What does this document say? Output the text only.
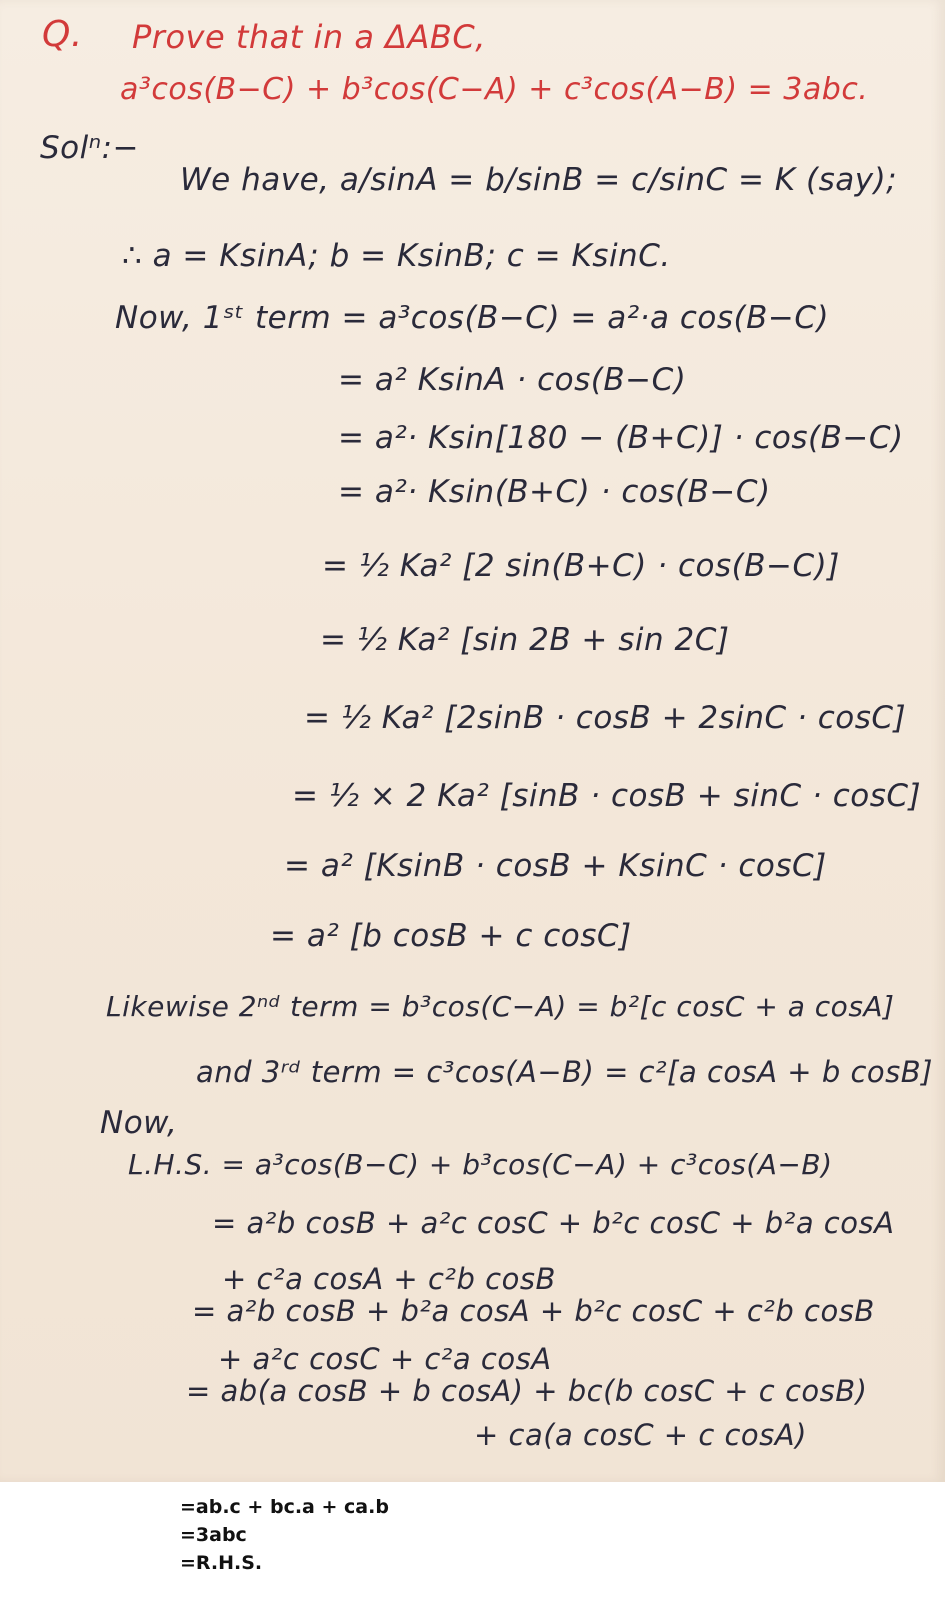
Q. Prove that in a ΔABC,
a³cos(B−C) + b³cos(C−A) + c³cos(A−B) = 3abc.
Solⁿ:−
We have, a/sinA = b/sinB = c/sinC = K (say);
∴ a = KsinA; b = KsinB; c = KsinC.
Now, 1ˢᵗ term = a³cos(B−C) = a²·a cos(B−C)
= a² KsinA · cos(B−C)
= a²· Ksin[180 − (B+C)] · cos(B−C)
= a²· Ksin(B+C) · cos(B−C)
= ½ Ka² [2 sin(B+C) · cos(B−C)]
= ½ Ka² [sin 2B + sin 2C]
= ½ Ka² [2sinB · cosB + 2sinC · cosC]
= ½ × 2 Ka² [sinB · cosB + sinC · cosC]
= a² [KsinB · cosB + KsinC · cosC]
= a² [b cosB + c cosC]
Likewise 2ⁿᵈ term = b³cos(C−A) = b²[c cosC + a cosA]
and 3ʳᵈ term = c³cos(A−B) = c²[a cosA + b cosB]
Now,
L.H.S. = a³cos(B−C) + b³cos(C−A) + c³cos(A−B)
= a²b cosB + a²c cosC + b²c cosC + b²a cosA
+ c²a cosA + c²b cosB
= a²b cosB + b²a cosA + b²c cosC + c²b cosB
+ a²c cosC + c²a cosA
= ab(a cosB + b cosA) + bc(b cosC + c cosB)
+ ca(a cosC + c cosA)
=ab.c + bc.a + ca.b
=3abc
=R.H.S.
